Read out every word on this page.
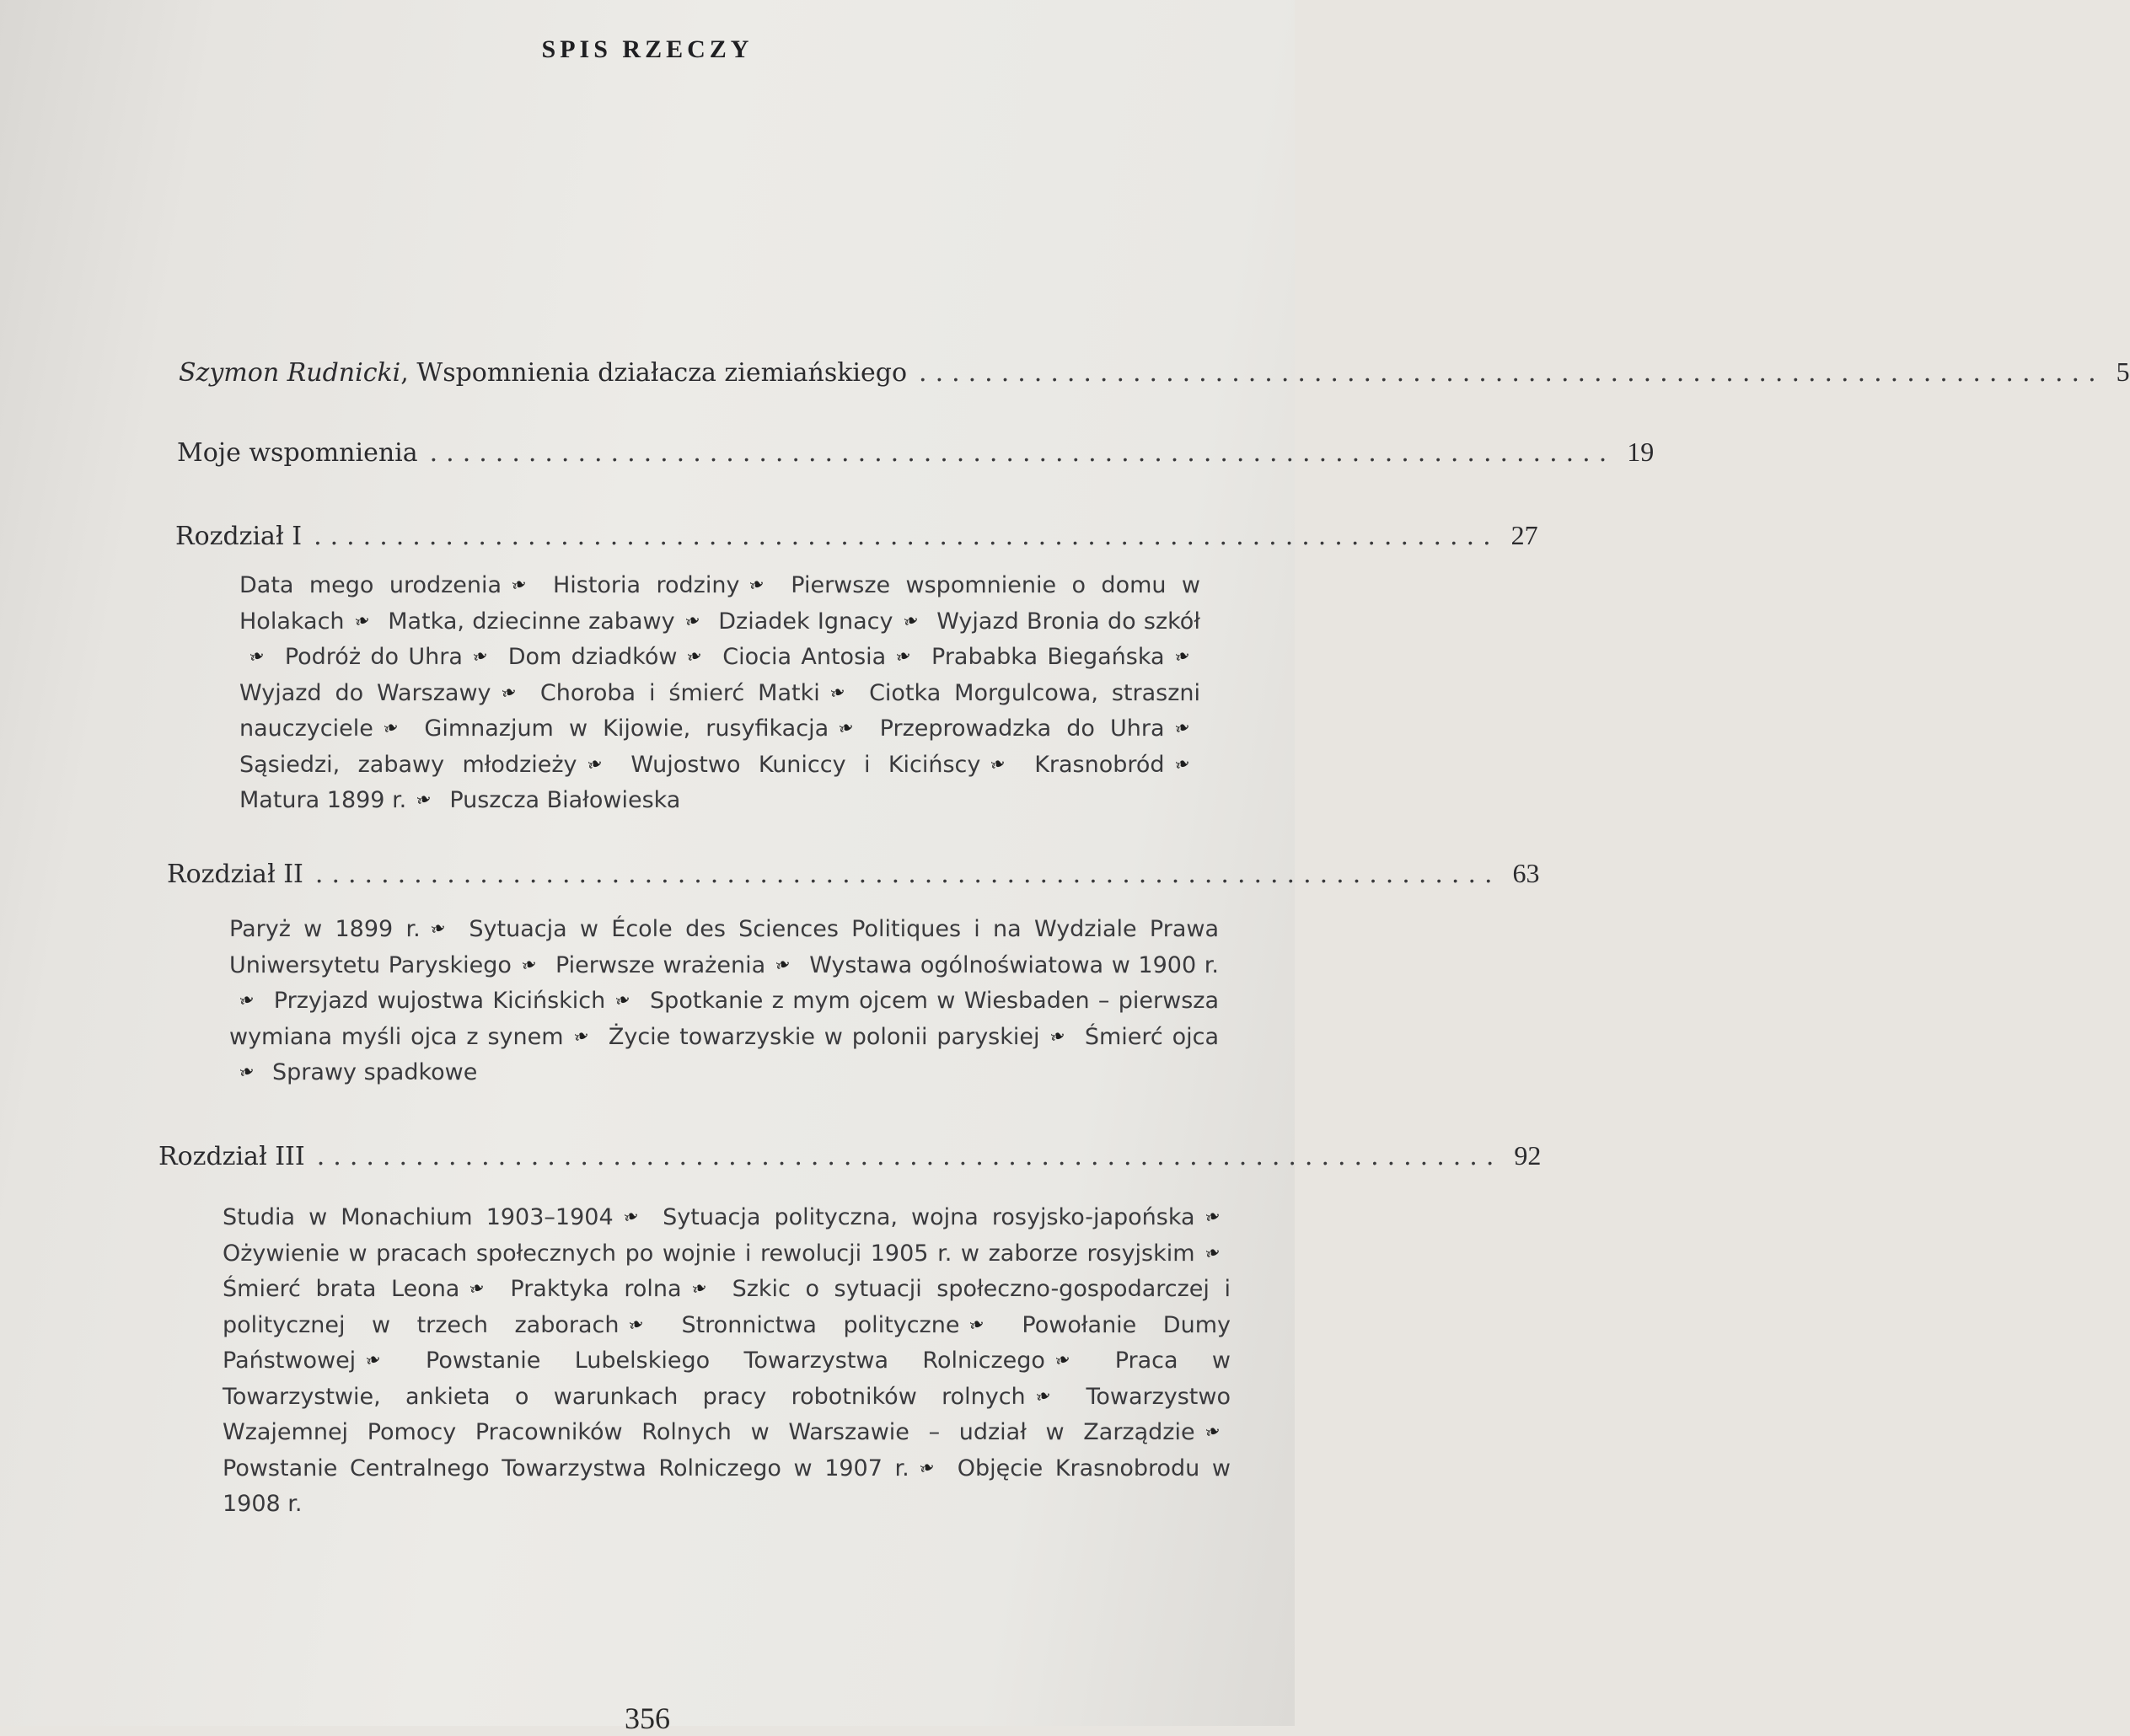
SPIS RZECZY
Szymon Rudnicki, Wspomnienia działacza ziemiańskiego ........................................................................ 5
Moje wspomnienia ........................................................................ 19
Rozdział I ........................................................................ 27
Data mego urodzenia ❧ Historia rodziny ❧ Pierwsze wspomnienie o domu w Holakach ❧ Matka, dziecinne zabawy ❧ Dziadek Ignacy ❧ Wyjazd Bronia do szkół❧ Podróż do Uhra ❧ Dom dziadków ❧ Ciocia Antosia ❧ Prababka Biegańska ❧ Wyjazd do Warszawy ❧ Choroba i śmierć Matki ❧ Ciotka Morgulcowa, straszni nauczyciele ❧ Gimnazjum w Kijowie, rusyfikacja ❧ Przeprowadzka do Uhra ❧ Sąsiedzi, zabawy młodzieży ❧ Wujostwo Kuniccy i Kicińscy ❧ Krasnobród ❧ Matura 1899 r. ❧ Puszcza Białowieska
Rozdział II ........................................................................ 63
Paryż w 1899 r. ❧ Sytuacja w École des Sciences Politiques i na Wydziale Prawa Uniwersytetu Paryskiego ❧ Pierwsze wrażenia ❧ Wystawa ogólnoświatowa w 1900 r.❧ Przyjazd wujostwa Kicińskich ❧ Spotkanie z mym ojcem w Wiesbaden – pierwsza wymiana myśli ojca z synem ❧ Życie towarzyskie w polonii paryskiej ❧ Śmierć ojca❧ Sprawy spadkowe
Rozdział III ........................................................................ 92
Studia w Monachium 1903–1904 ❧ Sytuacja polityczna, wojna rosyjsko-japońska ❧ Ożywienie w pracach społecznych po wojnie i rewolucji 1905 r. w zaborze rosyjskim ❧ Śmierć brata Leona ❧ Praktyka rolna ❧ Szkic o sytuacji społeczno-gospodarczej i politycznej w trzech zaborach ❧ Stronnictwa polityczne ❧ Powołanie Dumy Państwowej ❧ Powstanie Lubelskiego Towarzystwa Rolniczego ❧ Praca w Towarzystwie, ankieta o warunkach pracy robotników rolnych ❧ Towarzystwo Wzajemnej Pomocy Pracowników Rolnych w Warszawie – udział w Zarządzie ❧ Powstanie Centralnego Towarzystwa Rolniczego w 1907 r. ❧ Objęcie Krasnobrodu w 1908 r.
356
